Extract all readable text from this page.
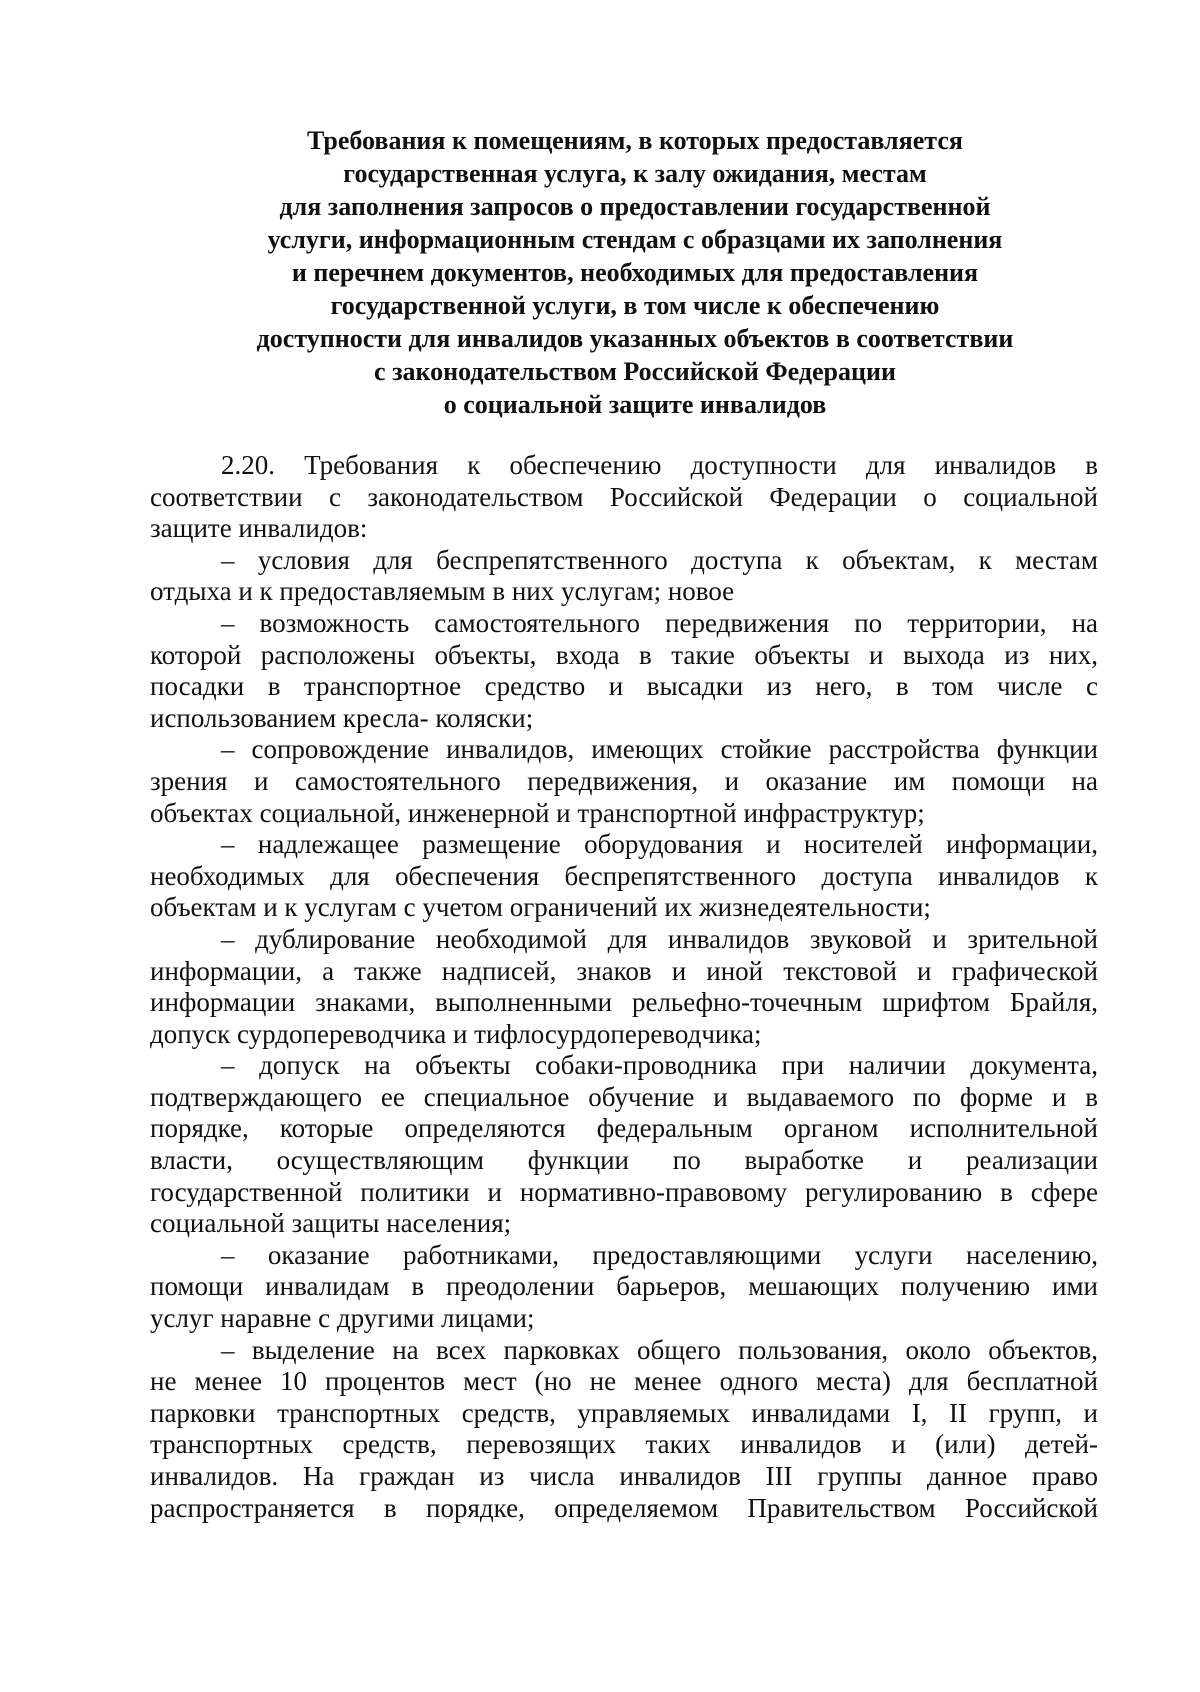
Требования к помещениям, в которых предоставляется
государственная услуга, к залу ожидания, местам
для заполнения запросов о предоставлении государственной
услуги, информационным стендам с образцами их заполнения
и перечнем документов, необходимых для предоставления
государственной услуги, в том числе к обеспечению
доступности для инвалидов указанных объектов в соответствии
с законодательством Российской Федерации
о социальной защите инвалидов
2.20. Требования к обеспечению доступности для инвалидов в
соответствии с законодательством Российской Федерации о социальной
защите инвалидов:
– условия для беспрепятственного доступа к объектам, к местам
отдыха и к предоставляемым в них услугам; новое
– возможность самостоятельного передвижения по территории, на
которой расположены объекты, входа в такие объекты и выхода из них,
посадки в транспортное средство и высадки из него, в том числе с
использованием кресла- коляски;
– сопровождение инвалидов, имеющих стойкие расстройства функции
зрения и самостоятельного передвижения, и оказание им помощи на
объектах социальной, инженерной и транспортной инфраструктур;
– надлежащее размещение оборудования и носителей информации,
необходимых для обеспечения беспрепятственного доступа инвалидов к
объектам и к услугам с учетом ограничений их жизнедеятельности;
– дублирование необходимой для инвалидов звуковой и зрительной
информации, а также надписей, знаков и иной текстовой и графической
информации знаками, выполненными рельефно-точечным шрифтом Брайля,
допуск сурдопереводчика и тифлосурдопереводчика;
– допуск на объекты собаки-проводника при наличии документа,
подтверждающего ее специальное обучение и выдаваемого по форме и в
порядке, которые определяются федеральным органом исполнительной
власти, осуществляющим функции по выработке и реализации
государственной политики и нормативно-правовому регулированию в сфере
социальной защиты населения;
– оказание работниками, предоставляющими услуги населению,
помощи инвалидам в преодолении барьеров, мешающих получению ими
услуг наравне с другими лицами;
– выделение на всех парковках общего пользования, около объектов,
не менее 10 процентов мест (но не менее одного места) для бесплатной
парковки транспортных средств, управляемых инвалидами I, II групп, и
транспортных средств, перевозящих таких инвалидов и (или) детей-
инвалидов. На граждан из числа инвалидов III группы данное право
распространяется в порядке, определяемом Правительством Российской
